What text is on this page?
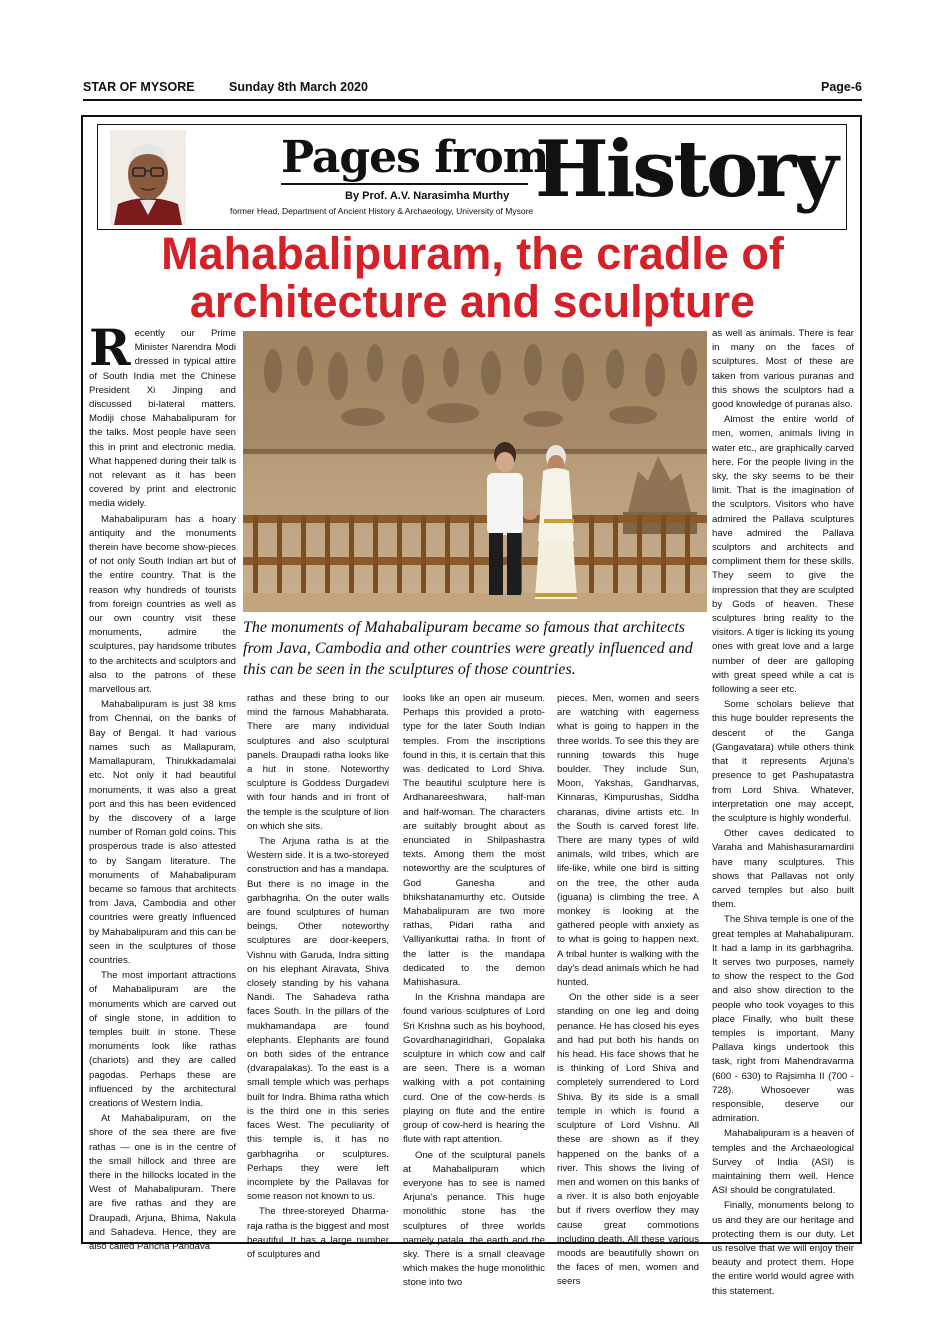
STAR OF MYSORE	Sunday 8th March 2020	Page-6
Pages from
History
By Prof. A.V. Narasimha Murthy
former Head, Department of Ancient History & Archaeology, University of Mysore
Mahabalipuram, the cradle of
architecture and sculpture
The monuments of Mahabalipuram became so famous that architects from Java, Cambodia and other countries were greatly influenced and this can be seen in the sculptures of those countries.

Recently our Prime Minister Narendra Modi dressed in typical attire of South India met the Chinese President Xi Jinping and discussed bi-lateral matters. Modiji chose Mahabalipuram for the talks. Most people have seen this in print and electronic media. What happened during their talk is not relevant as it has been covered by print and electronic media widely.

Mahabalipuram has a hoary antiquity and the monuments therein have become show-pieces of not only South Indian art but of the entire country. That is the reason why hundreds of tourists from foreign countries as well as our own country visit these monuments, admire the sculptures, pay handsome tributes to the architects and sculptors and also to the patrons of these marvellous art.

Mahabalipuram is just 38 kms from Chennai, on the banks of Bay of Bengal. It had various names such as Mallapuram, Mamallapuram, Thirukkadamalai etc. Not only it had beautiful monuments, it was also a great port and this has been evidenced by the discovery of a large number of Roman gold coins. This prosperous trade is also attested to by Sangam literature. The monuments of Mahabalipuram became so famous that architects from Java, Cambodia and other countries were greatly influenced by Mahabalipuram and this can be seen in the sculptures of those countries.

The most important attractions of Mahabalipuram are the monuments which are carved out of single stone, in addition to temples built in stone. These monuments look like rathas (chariots) and they are called pagodas. Perhaps these are influenced by the architectural creations of Western India.

At Mahabalipuram, on the shore of the sea there are five rathas — one is in the centre of the small hillock and three are there in the hillocks located in the West of Mahabalipuram. There are five rathas and they are Draupadi, Arjuna, Bhima, Nakula and Sahadeva. Hence, they are also called Pancha Pandava

rathas and these bring to our mind the famous Mahabharata. There are many individual sculptures and also sculptural panels. Draupadi ratha looks like a hut in stone. Noteworthy sculpture is Goddess Durgadevi with four hands and in front of the temple is the sculpture of lion on which she sits.

The Arjuna ratha is at the Western side. It is a two-storeyed construction and has a mandapa. But there is no image in the garbhagriha. On the outer walls are found sculptures of human beings. Other noteworthy sculptures are door-keepers, Vishnu with Garuda, Indra sitting on his elephant Airavata, Shiva closely standing by his vahana Nandi. The Sahadeva ratha faces South. In the pillars of the mukhamandapa are found elephants. Elephants are found on both sides of the entrance (dvarapalakas). To the east is a small temple which was perhaps built for Indra. Bhima ratha which is the third one in this series faces West. The peculiarity of this temple is, it has no garbhagriha or sculptures. Perhaps they were left incomplete by the Pallavas for some reason not known to us.

The three-storeyed Dharma-raja ratha is the biggest and most beautiful. It has a large number of sculptures and

looks like an open air museum. Perhaps this provided a proto-type for the later South Indian temples. From the inscriptions found in this, it is certain that this was dedicated to Lord Shiva. The beautiful sculpture here is Ardhanareeshwara, half-man and half-woman. The characters are suitably brought about as enunciated in Shilpashastra texts. Among them the most noteworthy are the sculptures of God Ganesha and bhikshatanamurthy etc. Outside Mahabalipuram are two more rathas, Pidari ratha and Valliyankuttai ratha. In front of the latter is the mandapa dedicated to the demon Mahishasura.

In the Krishna mandapa are found various sculptures of Lord Sri Krishna such as his boyhood, Govardhanagiridhari, Gopalaka sculpture in which cow and calf are seen. There is a woman walking with a pot containing curd. One of the cow-herds is playing on flute and the entire group of cow-herd is hearing the flute with rapt attention.

One of the sculptural panels at Mahabalipuram which everyone has to see is named Arjuna's penance. This huge monolithic stone has the sculptures of three worlds namely patala, the earth and the sky. There is a small cleavage which makes the huge monolithic stone into two

pieces. Men, women and seers are watching with eagerness what is going to happen in the three worlds. To see this they are running towards this huge boulder. They include Sun, Moon, Yakshas, Gandharvas, Kinnaras, Kimpurushas, Siddha charanas, divine artists etc. In the South is carved forest life. There are many types of wild animals, wild tribes, which are life-like, while one bird is sitting on the tree, the other auda (iguana) is climbing the tree. A monkey is looking at the gathered people with anxiety as to what is going to happen next. A tribal hunter is walking with the day's dead animals which he had hunted.

On the other side is a seer standing on one leg and doing penance. He has closed his eyes and had put both his hands on his head. His face shows that he is thinking of Lord Shiva and completely surrendered to Lord Shiva. By its side is a small temple in which is found a sculpture of Lord Vishnu. All these are shown as if they happened on the banks of a river. This shows the living of men and women on this banks of a river. It is also both enjoyable but if rivers overflow they may cause great commotions including death. All these various moods are beautifully shown on the faces of men, women and seers

as well as animals. There is fear in many on the faces of sculptures. Most of these are taken from various puranas and this shows the sculptors had a good knowledge of puranas also.

Almost the entire world of men, women, animals living in water etc., are graphically carved here. For the people living in the sky, the sky seems to be their limit. That is the imagination of the sculptors. Visitors who have admired the Pallava sculptures have admired the Pallava sculptors and architects and compliment them for these skills. They seem to give the impression that they are sculpted by Gods of heaven. These sculptures bring reality to the visitors. A tiger is licking its young ones with great love and a large number of deer are galloping with great speed while a cat is following a seer etc.

Some scholars believe that this huge boulder represents the descent of the Ganga (Gangavatara) while others think that it represents Arjuna's presence to get Pashupatastra from Lord Shiva. Whatever, interpretation one may accept, the sculpture is highly wonderful.

Other caves dedicated to Varaha and Mahishasuramardini have many sculptures. This shows that Pallavas not only carved temples but also built them.

The Shiva temple is one of the great temples at Mahabalipuram. It had a lamp in its garbhagriha. It serves two purposes, namely to show the respect to the God and also show direction to the people who took voyages to this place Finally, who built these temples is important. Many Pallava kings undertook this task, right from Mahendravarma (600 - 630) to Rajsimha II (700 - 728). Whosoever was responsible, deserve our admiration.

Mahabalipuram is a heaven of temples and the Archaeological Survey of India (ASI) is maintaining them well. Hence ASI should be congratulated.

Finally, monuments belong to us and they are our heritage and protecting them is our duty. Let us resolve that we will enjoy their beauty and protect them. Hope the entire world would agree with this statement.
